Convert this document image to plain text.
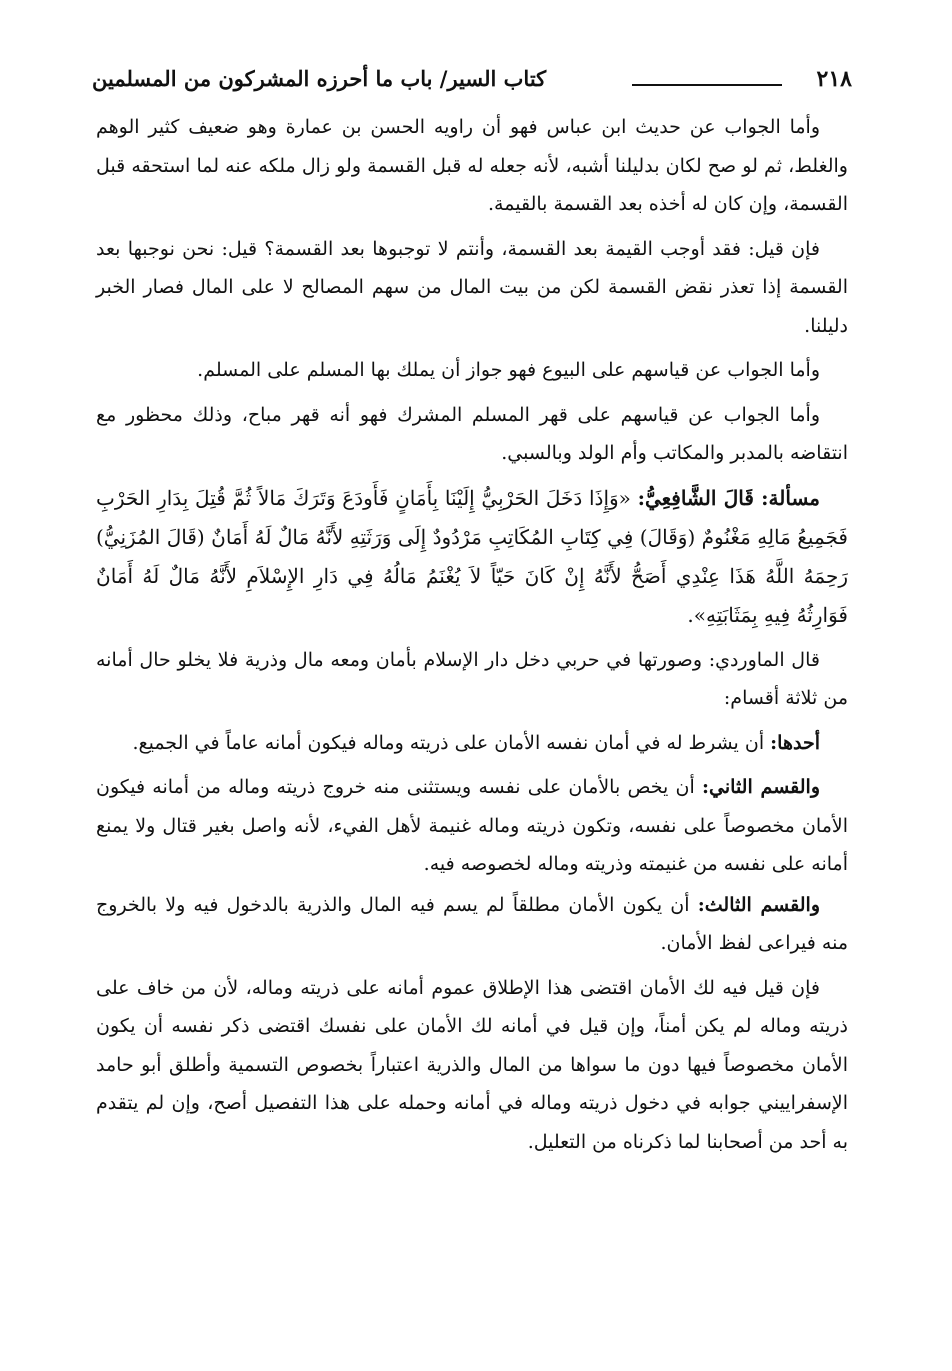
٢١٨
كتاب السير/ باب ما أحرزه المشركون من المسلمين

وأما الجواب عن حديث ابن عباس فهو أن راويه الحسن بن عمارة وهو ضعيف كثير الوهم والغلط، ثم لو صح لكان بدليلنا أشبه، لأنه جعله له قبل القسمة ولو زال ملكه عنه لما استحقه قبل القسمة، وإن كان له أخذه بعد القسمة بالقيمة.

فإن قيل: فقد أوجب القيمة بعد القسمة، وأنتم لا توجبوها بعد القسمة؟ قيل: نحن نوجبها بعد القسمة إذا تعذر نقض القسمة لكن من بيت المال من سهم المصالح لا على المال فصار الخبر دليلنا.

وأما الجواب عن قياسهم على البيوع فهو جواز أن يملك بها المسلم على المسلم.

وأما الجواب عن قياسهم على قهر المسلم المشرك فهو أنه قهر مباح، وذلك محظور مع انتقاضه بالمدبر والمكاتب وأم الولد وبالسبي.

مسألة: قَالَ الشَّافِعِيُّ: «وَإِذَا دَخَلَ الحَرْبِيُّ إِلَيْنَا بِأَمَانٍ فَأَودَعَ وَتَرَكَ مَالاً ثُمَّ قُتِلَ بِدَارِ الحَرْبِ فَجَمِيعُ مَالِهِ مَغْنُومٌ (وَقَالَ) فِي كِتَابِ المُكَاتِبِ مَرْدُودٌ إِلَى وَرَثَتِهِ لأَنَّهُ مَالٌ لَهُ أَمَانٌ (قَالَ المُزَنِيُّ) رَحِمَهُ اللَّهُ هَذَا عِنْدِي أَصَحُّ لأَنَّهُ إِنْ كَانَ حَيّاً لاَ يُغْنَمُ مَالُهُ فِي دَارِ الإِسْلاَمِ لأَنَّهُ مَالٌ لَهُ أَمَانٌ فَوَارِثُهُ فِيهِ بِمَثَابَتِهِ».

قال الماوردي: وصورتها في حربي دخل دار الإسلام بأمان ومعه مال وذرية فلا يخلو حال أمانه من ثلاثة أقسام:

أحدها: أن يشرط له في أمان نفسه الأمان على ذريته وماله فيكون أمانه عاماً في الجميع.

والقسم الثاني: أن يخص بالأمان على نفسه ويستثنى منه خروج ذريته وماله من أمانه فيكون الأمان مخصوصاً على نفسه، وتكون ذريته وماله غنيمة لأهل الفيء، لأنه واصل بغير قتال ولا يمنع أمانه على نفسه من غنيمته وذريته وماله لخصوصه فيه.

والقسم الثالث: أن يكون الأمان مطلقاً لم يسم فيه المال والذرية بالدخول فيه ولا بالخروج منه فيراعى لفظ الأمان.

فإن قيل فيه لك الأمان اقتضى هذا الإطلاق عموم أمانه على ذريته وماله، لأن من خاف على ذريته وماله لم يكن أمناً، وإن قيل في أمانه لك الأمان على نفسك اقتضى ذكر نفسه أن يكون الأمان مخصوصاً فيها دون ما سواها من المال والذرية اعتباراً بخصوص التسمية وأطلق أبو حامد الإسفراييني جوابه في دخول ذريته وماله في أمانه وحمله على هذا التفصيل أصح، وإن لم يتقدم به أحد من أصحابنا لما ذكرناه من التعليل.
